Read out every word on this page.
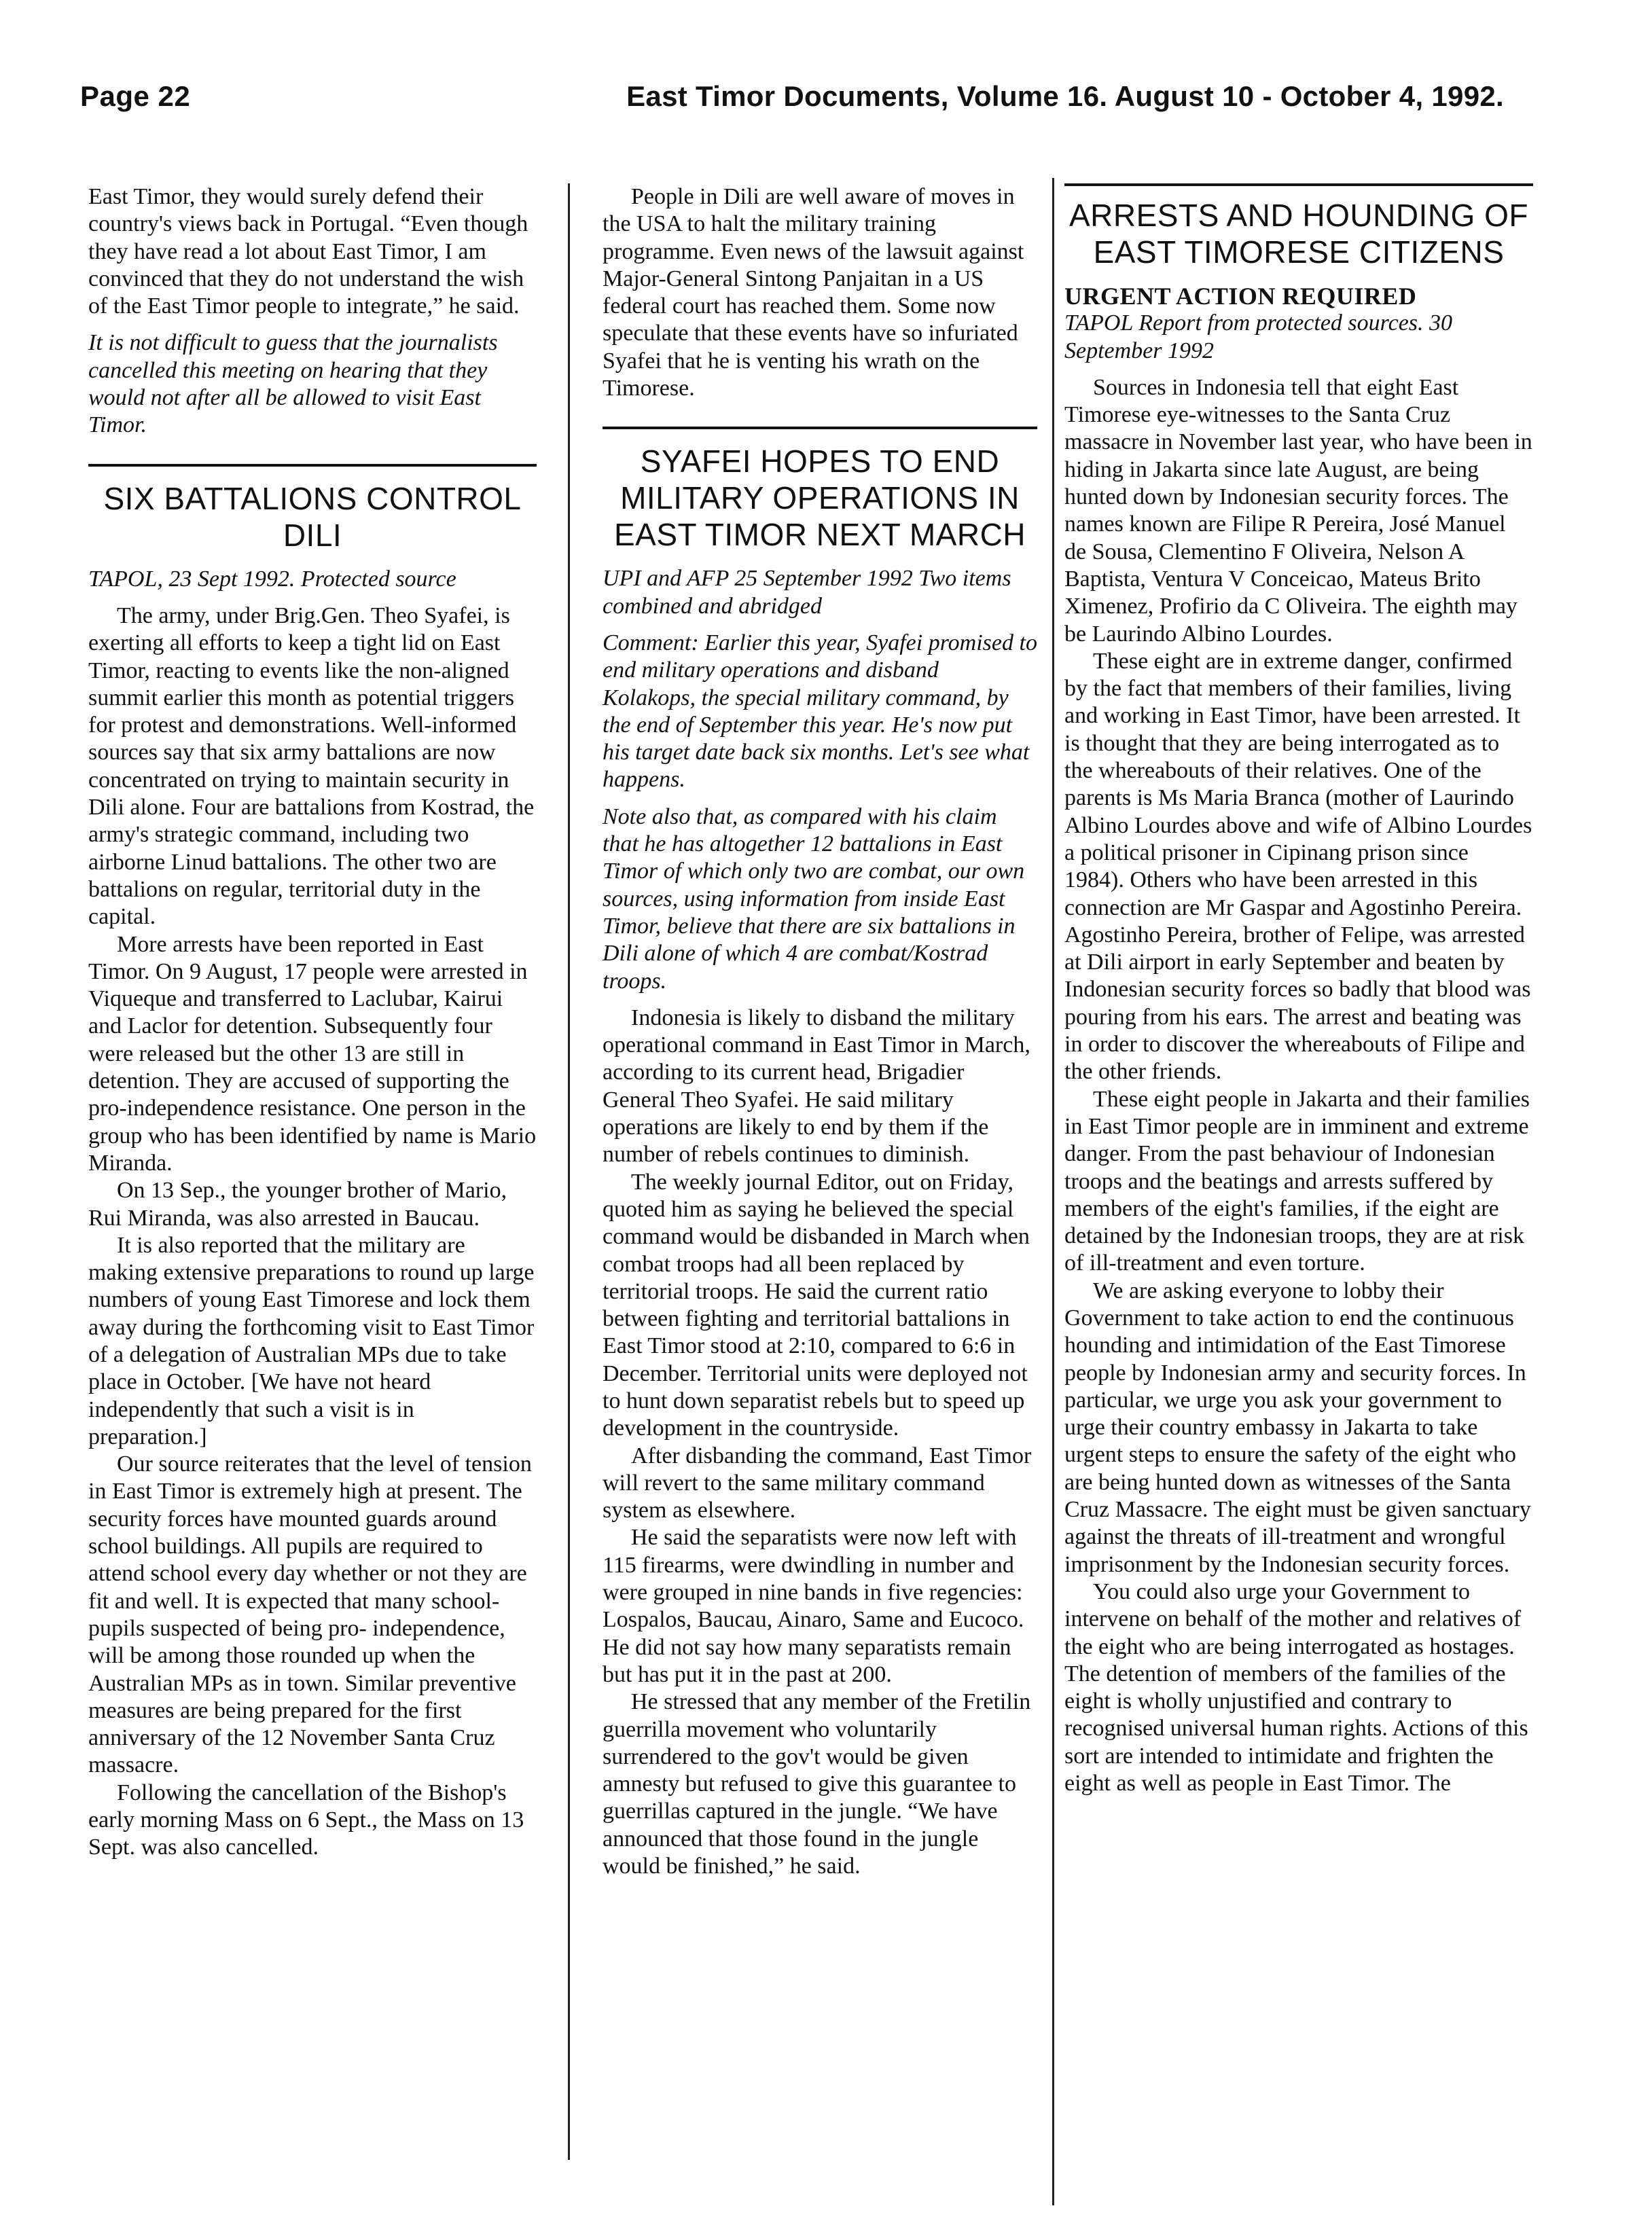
Page 22	East Timor Documents, Volume 16. August 10 - October 4, 1992.

East Timor, they would surely defend their country's views back in Portugal. “Even though they have read a lot about East Timor, I am convinced that they do not understand the wish of the East Timor people to integrate,” he said.

It is not difficult to guess that the journalists cancelled this meeting on hearing that they would not after all be allowed to visit East Timor.

SIX BATTALIONS CONTROL DILI

TAPOL, 23 Sept 1992. Protected source

The army, under Brig.Gen. Theo Syafei, is exerting all efforts to keep a tight lid on East Timor, reacting to events like the non-aligned summit earlier this month as potential triggers for protest and demonstrations. Well-informed sources say that six army battalions are now concentrated on trying to maintain security in Dili alone. Four are battalions from Kostrad, the army's strategic command, including two airborne Linud battalions. The other two are battalions on regular, territorial duty in the capital.

More arrests have been reported in East Timor. On 9 August, 17 people were arrested in Viqueque and transferred to Laclubar, Kairui and Laclor for detention. Subsequently four were released but the other 13 are still in detention. They are accused of supporting the pro-independence resistance. One person in the group who has been identified by name is Mario Miranda.

On 13 Sep., the younger brother of Mario, Rui Miranda, was also arrested in Baucau.

It is also reported that the military are making extensive preparations to round up large numbers of young East Timorese and lock them away during the forthcoming visit to East Timor of a delegation of Australian MPs due to take place in October. [We have not heard independently that such a visit is in preparation.]

Our source reiterates that the level of tension in East Timor is extremely high at present. The security forces have mounted guards around school buildings. All pupils are required to attend school every day whether or not they are fit and well. It is expected that many school-pupils suspected of being pro- independence, will be among those rounded up when the Australian MPs as in town. Similar preventive measures are being prepared for the first anniversary of the 12 November Santa Cruz massacre.

Following the cancellation of the Bishop's early morning Mass on 6 Sept., the Mass on 13 Sept. was also cancelled.

People in Dili are well aware of moves in the USA to halt the military training programme. Even news of the lawsuit against Major-General Sintong Panjaitan in a US federal court has reached them. Some now speculate that these events have so infuriated Syafei that he is venting his wrath on the Timorese.

SYAFEI HOPES TO END MILITARY OPERATIONS IN EAST TIMOR NEXT MARCH

UPI and AFP 25 September 1992 Two items combined and abridged

Comment: Earlier this year, Syafei promised to end military operations and disband Kolakops, the special military command, by the end of September this year. He's now put his target date back six months. Let's see what happens.

Note also that, as compared with his claim that he has altogether 12 battalions in East Timor of which only two are combat, our own sources, using information from inside East Timor, believe that there are six battalions in Dili alone of which 4 are combat/Kostrad troops.

Indonesia is likely to disband the military operational command in East Timor in March, according to its current head, Brigadier General Theo Syafei. He said military operations are likely to end by them if the number of rebels continues to diminish.

The weekly journal Editor, out on Friday, quoted him as saying he believed the special command would be disbanded in March when combat troops had all been replaced by territorial troops. He said the current ratio between fighting and territorial battalions in East Timor stood at 2:10, compared to 6:6 in December. Territorial units were deployed not to hunt down separatist rebels but to speed up development in the countryside.

After disbanding the command, East Timor will revert to the same military command system as elsewhere.

He said the separatists were now left with 115 firearms, were dwindling in number and were grouped in nine bands in five regencies: Lospalos, Baucau, Ainaro, Same and Eucoco. He did not say how many separatists remain but has put it in the past at 200.

He stressed that any member of the Fretilin guerrilla movement who voluntarily surrendered to the gov't would be given amnesty but refused to give this guarantee to guerrillas captured in the jungle. “We have announced that those found in the jungle would be finished,” he said.

ARRESTS AND HOUNDING OF EAST TIMORESE CITIZENS

URGENT ACTION REQUIRED

TAPOL Report from protected sources. 30 September 1992

Sources in Indonesia tell that eight East Timorese eye-witnesses to the Santa Cruz massacre in November last year, who have been in hiding in Jakarta since late August, are being hunted down by Indonesian security forces. The names known are Filipe R Pereira, José Manuel de Sousa, Clementino F Oliveira, Nelson A Baptista, Ventura V Conceicao, Mateus Brito Ximenez, Profirio da C Oliveira. The eighth may be Laurindo Albino Lourdes.

These eight are in extreme danger, confirmed by the fact that members of their families, living and working in East Timor, have been arrested. It is thought that they are being interrogated as to the whereabouts of their relatives. One of the parents is Ms Maria Branca (mother of Laurindo Albino Lourdes above and wife of Albino Lourdes a political prisoner in Cipinang prison since 1984). Others who have been arrested in this connection are Mr Gaspar and Agostinho Pereira. Agostinho Pereira, brother of Felipe, was arrested at Dili airport in early September and beaten by Indonesian security forces so badly that blood was pouring from his ears. The arrest and beating was in order to discover the whereabouts of Filipe and the other friends.

These eight people in Jakarta and their families in East Timor people are in imminent and extreme danger. From the past behaviour of Indonesian troops and the beatings and arrests suffered by members of the eight's families, if the eight are detained by the Indonesian troops, they are at risk of ill-treatment and even torture.

We are asking everyone to lobby their Government to take action to end the continuous hounding and intimidation of the East Timorese people by Indonesian army and security forces. In particular, we urge you ask your government to urge their country embassy in Jakarta to take urgent steps to ensure the safety of the eight who are being hunted down as witnesses of the Santa Cruz Massacre. The eight must be given sanctuary against the threats of ill-treatment and wrongful imprisonment by the Indonesian security forces.

You could also urge your Government to intervene on behalf of the mother and relatives of the eight who are being interrogated as hostages. The detention of members of the families of the eight is wholly unjustified and contrary to recognised universal human rights. Actions of this sort are intended to intimidate and frighten the eight as well as people in East Timor. The
